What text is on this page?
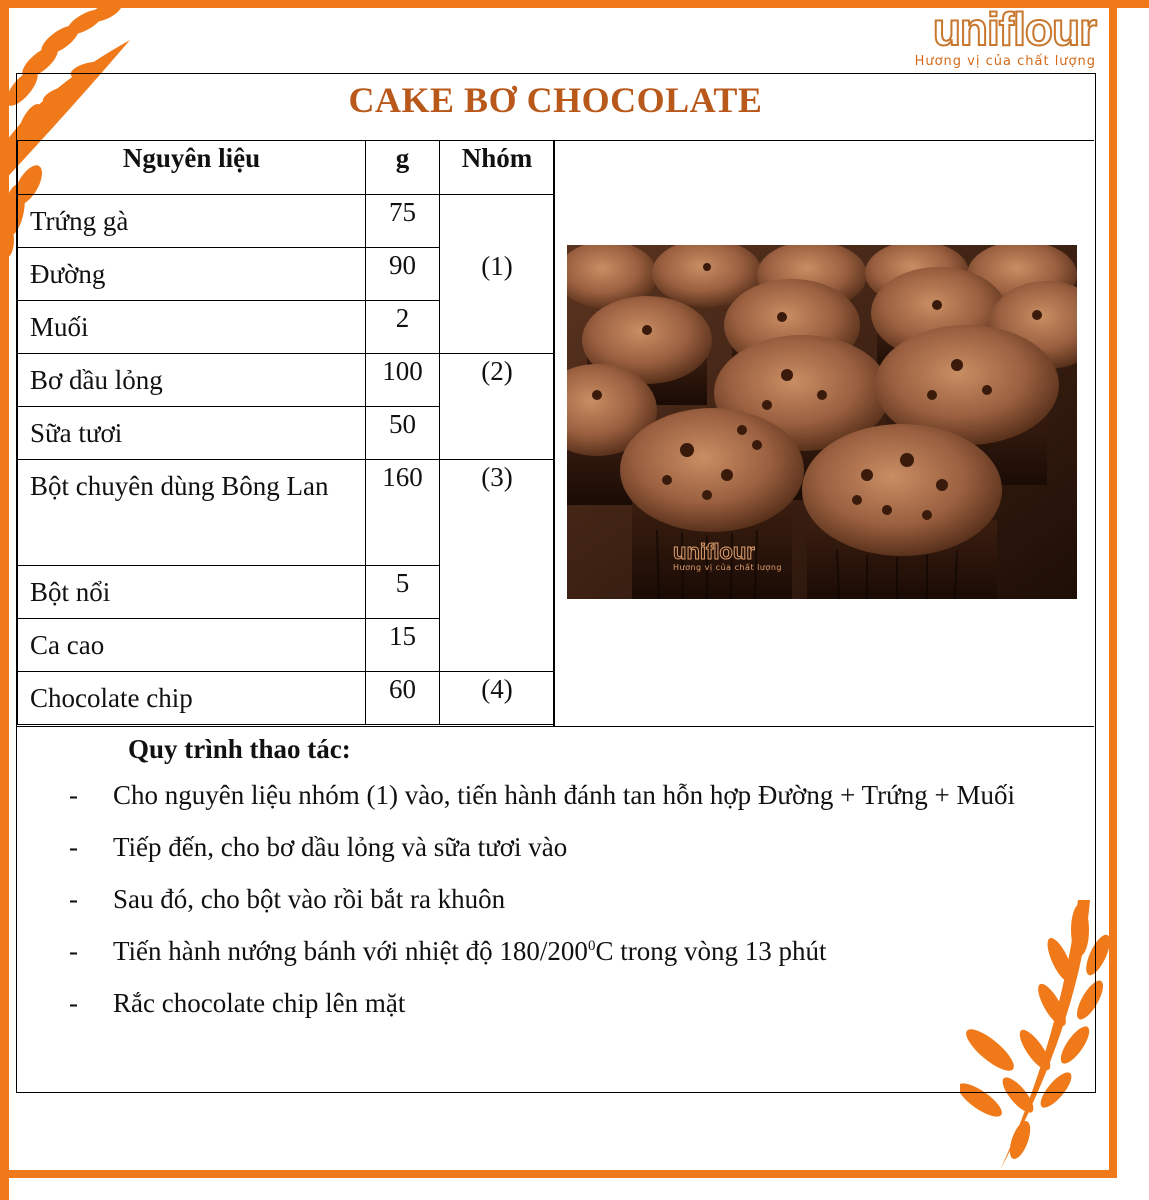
uniflour
Hương vị của chất lượng
CAKE BƠ CHOCOLATE
Nguyên liệu	g	Nhóm
Trứng gà	75	(1)
Đường	90	
Muối	2	
Bơ dầu lỏng	100	(2)
Sữa tươi	50	
Bột chuyên dùng Bông Lan	160	(3)
Bột nổi	5	
Ca cao	15	
Chocolate chip	60	(4)
uniflour
Hương vị của chất lượng
Quy trình thao tác:
- Cho nguyên liệu nhóm (1) vào, tiến hành đánh tan hỗn hợp Đường + Trứng + Muối
- Tiếp đến, cho bơ dầu lỏng và sữa tươi vào
- Sau đó, cho bột vào rồi bắt ra khuôn
- Tiến hành nướng bánh với nhiệt độ $180/200^0C$ trong vòng 13 phút
- Rắc chocolate chip lên mặt
